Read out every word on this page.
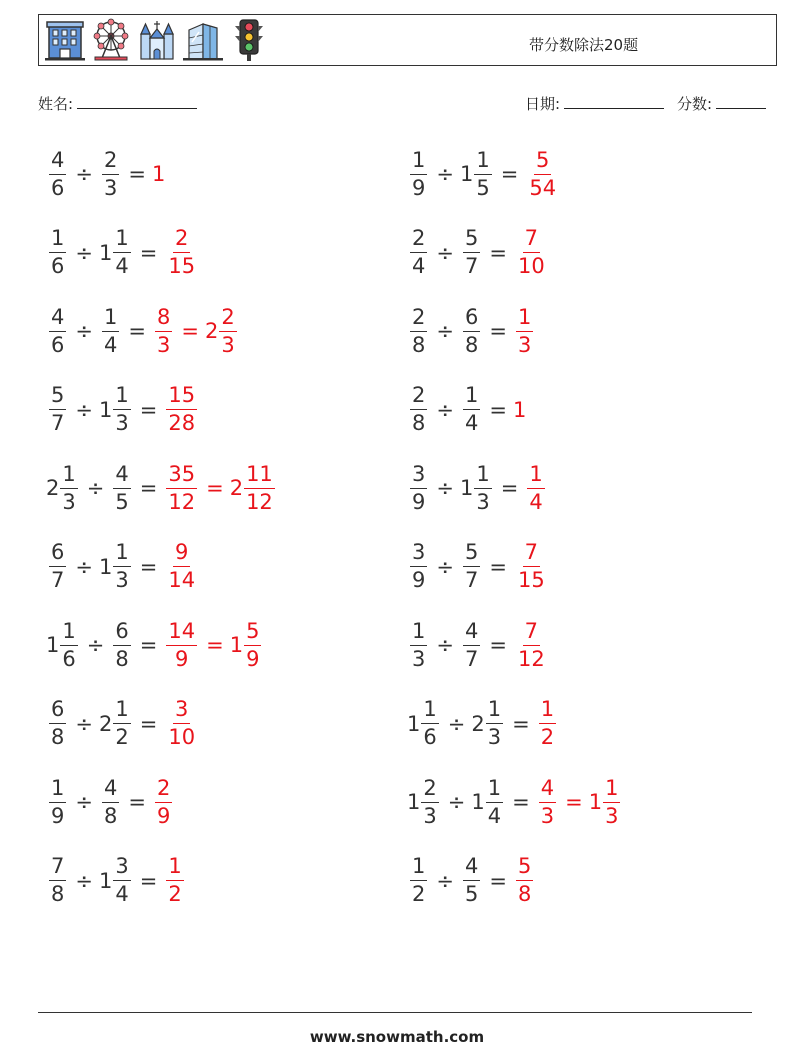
带分数除法20题
姓名:	日期:	分数:
$\frac{4}{6} \div \frac{2}{3} = 1$	$\frac{1}{9} \div 1 \frac{1}{5} = \frac{5}{54}$
$\frac{1}{6} \div 1 \frac{1}{4} = \frac{2}{15}$	$\frac{2}{4} \div \frac{5}{7} = \frac{7}{10}$
$\frac{4}{6} \div \frac{1}{4} = \frac{8}{3} = 2 \frac{2}{3}$	$\frac{2}{8} \div \frac{6}{8} = \frac{1}{3}$
$\frac{5}{7} \div 1 \frac{1}{3} = \frac{15}{28}$	$\frac{2}{8} \div \frac{1}{4} = 1$
$2 \frac{1}{3} \div \frac{4}{5} = \frac{35}{12} = 2 \frac{11}{12}$	$\frac{3}{9} \div 1 \frac{1}{3} = \frac{1}{4}$
$\frac{6}{7} \div 1 \frac{1}{3} = \frac{9}{14}$	$\frac{3}{9} \div \frac{5}{7} = \frac{7}{15}$
$1 \frac{1}{6} \div \frac{6}{8} = \frac{14}{9} = 1 \frac{5}{9}$	$\frac{1}{3} \div \frac{4}{7} = \frac{7}{12}$
$\frac{6}{8} \div 2 \frac{1}{2} = \frac{3}{10}$	$1 \frac{1}{6} \div 2 \frac{1}{3} = \frac{1}{2}$
$\frac{1}{9} \div \frac{4}{8} = \frac{2}{9}$	$1 \frac{2}{3} \div 1 \frac{1}{4} = \frac{4}{3} = 1 \frac{1}{3}$
$\frac{7}{8} \div 1 \frac{3}{4} = \frac{1}{2}$	$\frac{1}{2} \div \frac{4}{5} = \frac{5}{8}$
www.snowmath.com
